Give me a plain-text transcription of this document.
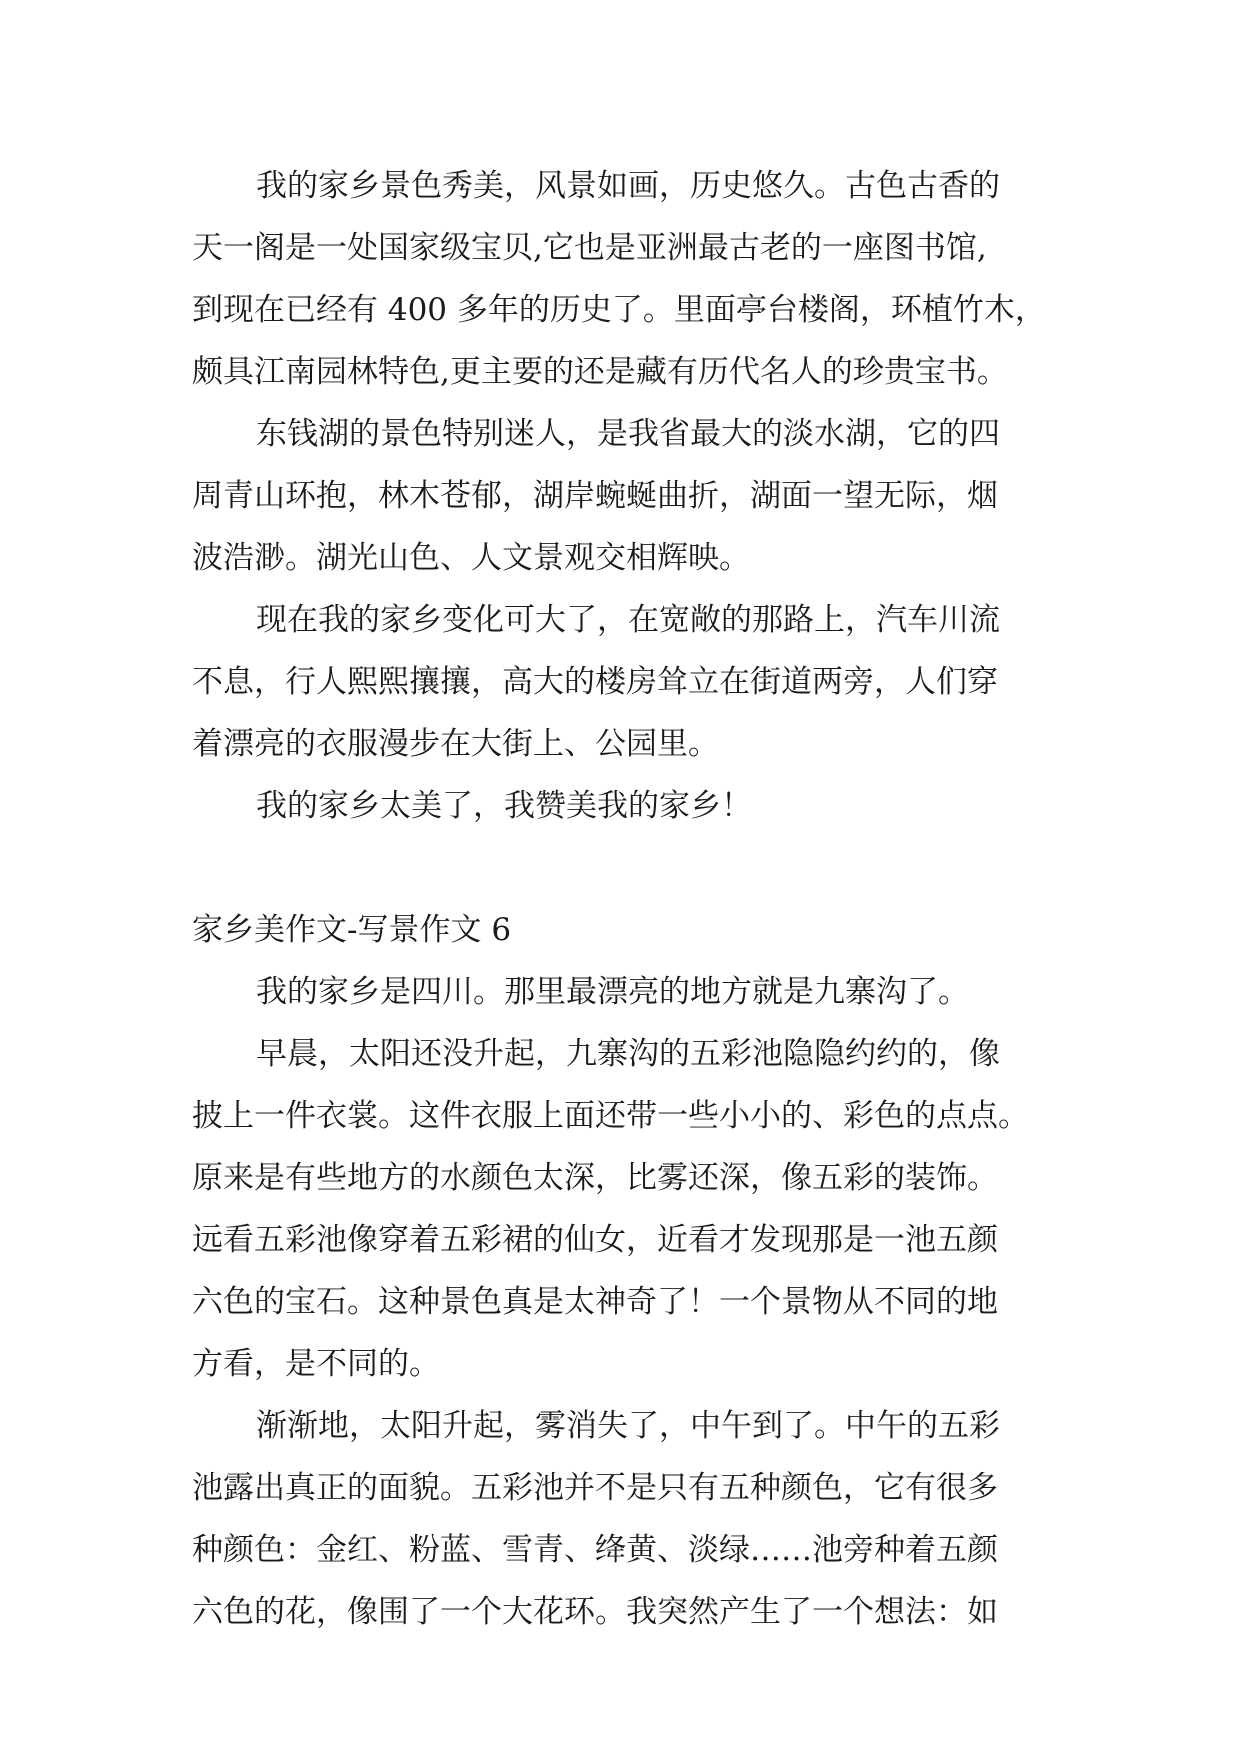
我的家乡景色秀美，风景如画，历史悠久。古色古香的
天一阁是一处国家级宝贝,它也是亚洲最古老的一座图书馆,
到现在已经有 400 多年的历史了。里面亭台楼阁，环植竹木，
颇具江南园林特色,更主要的还是藏有历代名人的珍贵宝书。
东钱湖的景色特别迷人，是我省最大的淡水湖，它的四
周青山环抱，林木苍郁，湖岸蜿蜒曲折，湖面一望无际，烟
波浩渺。湖光山色、人文景观交相辉映。
现在我的家乡变化可大了，在宽敞的那路上，汽车川流
不息，行人熙熙攘攘，高大的楼房耸立在街道两旁，人们穿
着漂亮的衣服漫步在大街上、公园里。
我的家乡太美了，我赞美我的家乡！
家乡美作文-写景作文 6
我的家乡是四川。那里最漂亮的地方就是九寨沟了。
早晨，太阳还没升起，九寨沟的五彩池隐隐约约的，像
披上一件衣裳。这件衣服上面还带一些小小的、彩色的点点。
原来是有些地方的水颜色太深，比雾还深，像五彩的装饰。
远看五彩池像穿着五彩裙的仙女，近看才发现那是一池五颜
六色的宝石。这种景色真是太神奇了！一个景物从不同的地
方看，是不同的。
渐渐地，太阳升起，雾消失了，中午到了。中午的五彩
池露出真正的面貌。五彩池并不是只有五种颜色，它有很多
种颜色：金红、粉蓝、雪青、绛黄、淡绿……池旁种着五颜
六色的花，像围了一个大花环。我突然产生了一个想法：如
